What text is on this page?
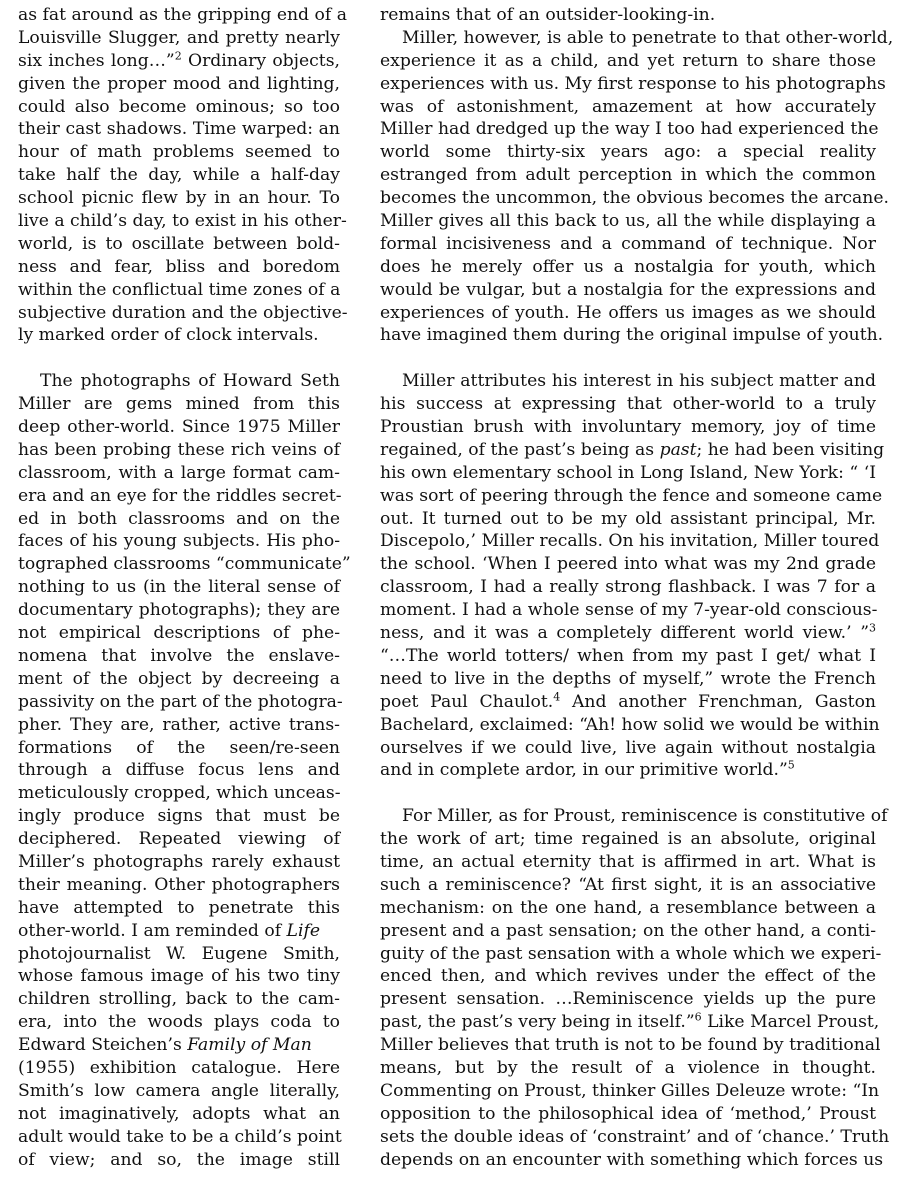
as fat around as the gripping end of a
Louisville Slugger, and pretty nearly
six inches long…”$^2$ Ordinary objects,
given the proper mood and lighting,
could also become ominous; so too
their cast shadows. Time warped: an
hour of math problems seemed to
take half the day, while a half-day
school picnic flew by in an hour. To
live a child’s day, to exist in his other-
world, is to oscillate between bold-
ness and fear, bliss and boredom
within the conflictual time zones of a
subjective duration and the objective-
ly marked order of clock intervals.
The photographs of Howard Seth
Miller are gems mined from this
deep other-world. Since 1975 Miller
has been probing these rich veins of
classroom, with a large format cam-
era and an eye for the riddles secret-
ed in both classrooms and on the
faces of his young subjects. His pho-
tographed classrooms “communicate”
nothing to us (in the literal sense of
documentary photographs); they are
not empirical descriptions of phe-
nomena that involve the enslave-
ment of the object by decreeing a
passivity on the part of the photogra-
pher. They are, rather, active trans-
formations of the seen/re-seen
through a diffuse focus lens and
meticulously cropped, which unceas-
ingly produce signs that must be
deciphered. Repeated viewing of
Miller’s photographs rarely exhaust
their meaning. Other photographers
have attempted to penetrate this
other-world. I am reminded of Life
photojournalist W. Eugene Smith,
whose famous image of his two tiny
children strolling, back to the cam-
era, into the woods plays coda to
Edward Steichen’s Family of Man
(1955) exhibition catalogue. Here
Smith’s low camera angle literally,
not imaginatively, adopts what an
adult would take to be a child’s point
of view; and so, the image still
remains that of an outsider-looking-in.
Miller, however, is able to penetrate to that other-world,
experience it as a child, and yet return to share those
experiences with us. My first response to his photographs
was of astonishment, amazement at how accurately
Miller had dredged up the way I too had experienced the
world some thirty-six years ago: a special reality
estranged from adult perception in which the common
becomes the uncommon, the obvious becomes the arcane.
Miller gives all this back to us, all the while displaying a
formal incisiveness and a command of technique. Nor
does he merely offer us a nostalgia for youth, which
would be vulgar, but a nostalgia for the expressions and
experiences of youth. He offers us images as we should
have imagined them during the original impulse of youth.
Miller attributes his interest in his subject matter and
his success at expressing that other-world to a truly
Proustian brush with involuntary memory, joy of time
regained, of the past’s being as past; he had been visiting
his own elementary school in Long Island, New York: “ ‘I
was sort of peering through the fence and someone came
out. It turned out to be my old assistant principal, Mr.
Discepolo,’ Miller recalls. On his invitation, Miller toured
the school. ‘When I peered into what was my 2nd grade
classroom, I had a really strong flashback. I was 7 for a
moment. I had a whole sense of my 7-year-old conscious-
ness, and it was a completely different world view.’ ”$^3$
“…The world totters/ when from my past I get/ what I
need to live in the depths of myself,” wrote the French
poet Paul Chaulot.$^4$ And another Frenchman, Gaston
Bachelard, exclaimed: “Ah! how solid we would be within
ourselves if we could live, live again without nostalgia
and in complete ardor, in our primitive world.”$^5$
For Miller, as for Proust, reminiscence is constitutive of
the work of art; time regained is an absolute, original
time, an actual eternity that is affirmed in art. What is
such a reminiscence? “At first sight, it is an associative
mechanism: on the one hand, a resemblance between a
present and a past sensation; on the other hand, a conti-
guity of the past sensation with a whole which we experi-
enced then, and which revives under the effect of the
present sensation. …Reminiscence yields up the pure
past, the past’s very being in itself.”$^6$ Like Marcel Proust,
Miller believes that truth is not to be found by traditional
means, but by the result of a violence in thought.
Commenting on Proust, thinker Gilles Deleuze wrote: “In
opposition to the philosophical idea of ‘method,’ Proust
sets the double ideas of ‘constraint’ and of ‘chance.’ Truth
depends on an encounter with something which forces us
